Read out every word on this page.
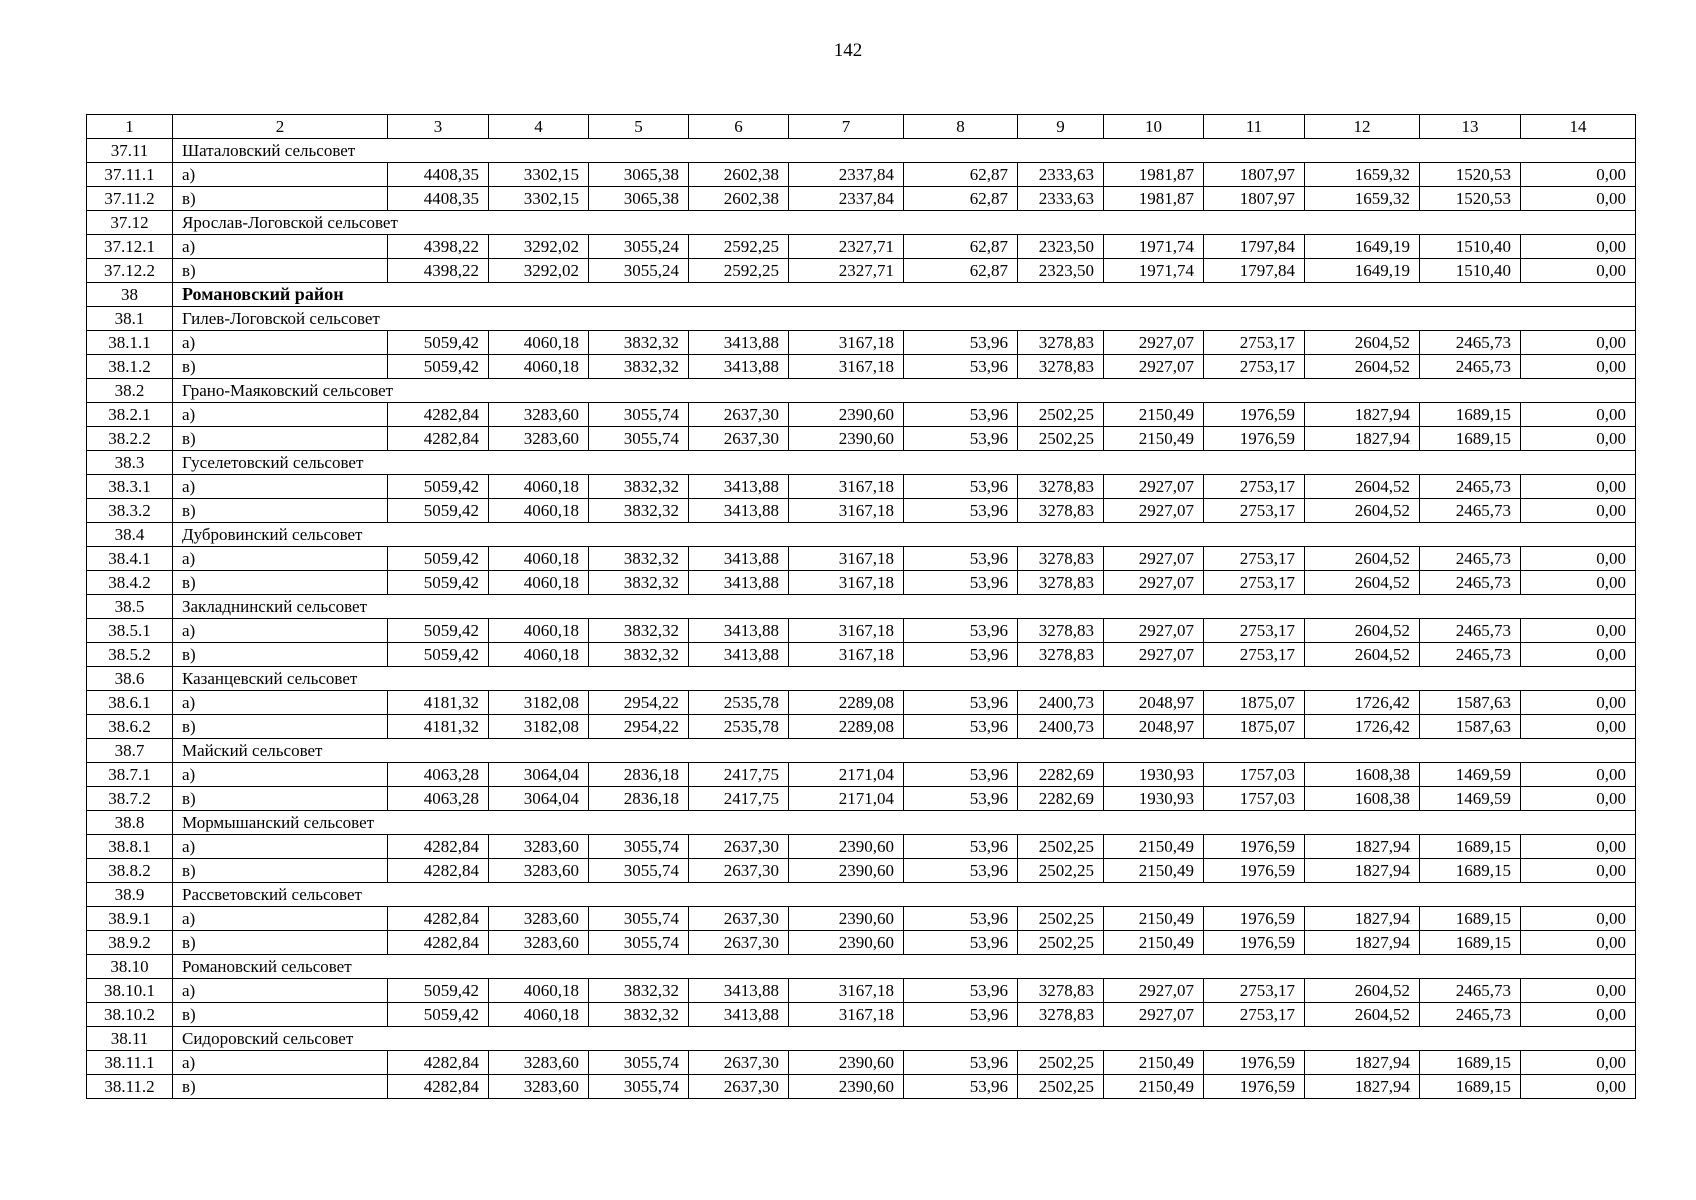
142
1	2	3	4	5	6	7	8	9	10	11	12	13	14
37.11	Шаталовский сельсовет												
37.11.1	а)	4408,35	3302,15	3065,38	2602,38	2337,84	62,87	2333,63	1981,87	1807,97	1659,32	1520,53	0,00
37.11.2	в)	4408,35	3302,15	3065,38	2602,38	2337,84	62,87	2333,63	1981,87	1807,97	1659,32	1520,53	0,00
37.12	Ярослав-Логовской сельсовет												
37.12.1	а)	4398,22	3292,02	3055,24	2592,25	2327,71	62,87	2323,50	1971,74	1797,84	1649,19	1510,40	0,00
37.12.2	в)	4398,22	3292,02	3055,24	2592,25	2327,71	62,87	2323,50	1971,74	1797,84	1649,19	1510,40	0,00
38	Романовский район												
38.1	Гилев-Логовской сельсовет												
38.1.1	а)	5059,42	4060,18	3832,32	3413,88	3167,18	53,96	3278,83	2927,07	2753,17	2604,52	2465,73	0,00
38.1.2	в)	5059,42	4060,18	3832,32	3413,88	3167,18	53,96	3278,83	2927,07	2753,17	2604,52	2465,73	0,00
38.2	Грано-Маяковский сельсовет												
38.2.1	а)	4282,84	3283,60	3055,74	2637,30	2390,60	53,96	2502,25	2150,49	1976,59	1827,94	1689,15	0,00
38.2.2	в)	4282,84	3283,60	3055,74	2637,30	2390,60	53,96	2502,25	2150,49	1976,59	1827,94	1689,15	0,00
38.3	Гуселетовский сельсовет												
38.3.1	а)	5059,42	4060,18	3832,32	3413,88	3167,18	53,96	3278,83	2927,07	2753,17	2604,52	2465,73	0,00
38.3.2	в)	5059,42	4060,18	3832,32	3413,88	3167,18	53,96	3278,83	2927,07	2753,17	2604,52	2465,73	0,00
38.4	Дубровинский сельсовет												
38.4.1	а)	5059,42	4060,18	3832,32	3413,88	3167,18	53,96	3278,83	2927,07	2753,17	2604,52	2465,73	0,00
38.4.2	в)	5059,42	4060,18	3832,32	3413,88	3167,18	53,96	3278,83	2927,07	2753,17	2604,52	2465,73	0,00
38.5	Закладнинский сельсовет												
38.5.1	а)	5059,42	4060,18	3832,32	3413,88	3167,18	53,96	3278,83	2927,07	2753,17	2604,52	2465,73	0,00
38.5.2	в)	5059,42	4060,18	3832,32	3413,88	3167,18	53,96	3278,83	2927,07	2753,17	2604,52	2465,73	0,00
38.6	Казанцевский сельсовет												
38.6.1	а)	4181,32	3182,08	2954,22	2535,78	2289,08	53,96	2400,73	2048,97	1875,07	1726,42	1587,63	0,00
38.6.2	в)	4181,32	3182,08	2954,22	2535,78	2289,08	53,96	2400,73	2048,97	1875,07	1726,42	1587,63	0,00
38.7	Майский сельсовет												
38.7.1	а)	4063,28	3064,04	2836,18	2417,75	2171,04	53,96	2282,69	1930,93	1757,03	1608,38	1469,59	0,00
38.7.2	в)	4063,28	3064,04	2836,18	2417,75	2171,04	53,96	2282,69	1930,93	1757,03	1608,38	1469,59	0,00
38.8	Мормышанский сельсовет												
38.8.1	а)	4282,84	3283,60	3055,74	2637,30	2390,60	53,96	2502,25	2150,49	1976,59	1827,94	1689,15	0,00
38.8.2	в)	4282,84	3283,60	3055,74	2637,30	2390,60	53,96	2502,25	2150,49	1976,59	1827,94	1689,15	0,00
38.9	Рассветовский сельсовет												
38.9.1	а)	4282,84	3283,60	3055,74	2637,30	2390,60	53,96	2502,25	2150,49	1976,59	1827,94	1689,15	0,00
38.9.2	в)	4282,84	3283,60	3055,74	2637,30	2390,60	53,96	2502,25	2150,49	1976,59	1827,94	1689,15	0,00
38.10	Романовский сельсовет												
38.10.1	а)	5059,42	4060,18	3832,32	3413,88	3167,18	53,96	3278,83	2927,07	2753,17	2604,52	2465,73	0,00
38.10.2	в)	5059,42	4060,18	3832,32	3413,88	3167,18	53,96	3278,83	2927,07	2753,17	2604,52	2465,73	0,00
38.11	Сидоровский сельсовет												
38.11.1	а)	4282,84	3283,60	3055,74	2637,30	2390,60	53,96	2502,25	2150,49	1976,59	1827,94	1689,15	0,00
38.11.2	в)	4282,84	3283,60	3055,74	2637,30	2390,60	53,96	2502,25	2150,49	1976,59	1827,94	1689,15	0,00
